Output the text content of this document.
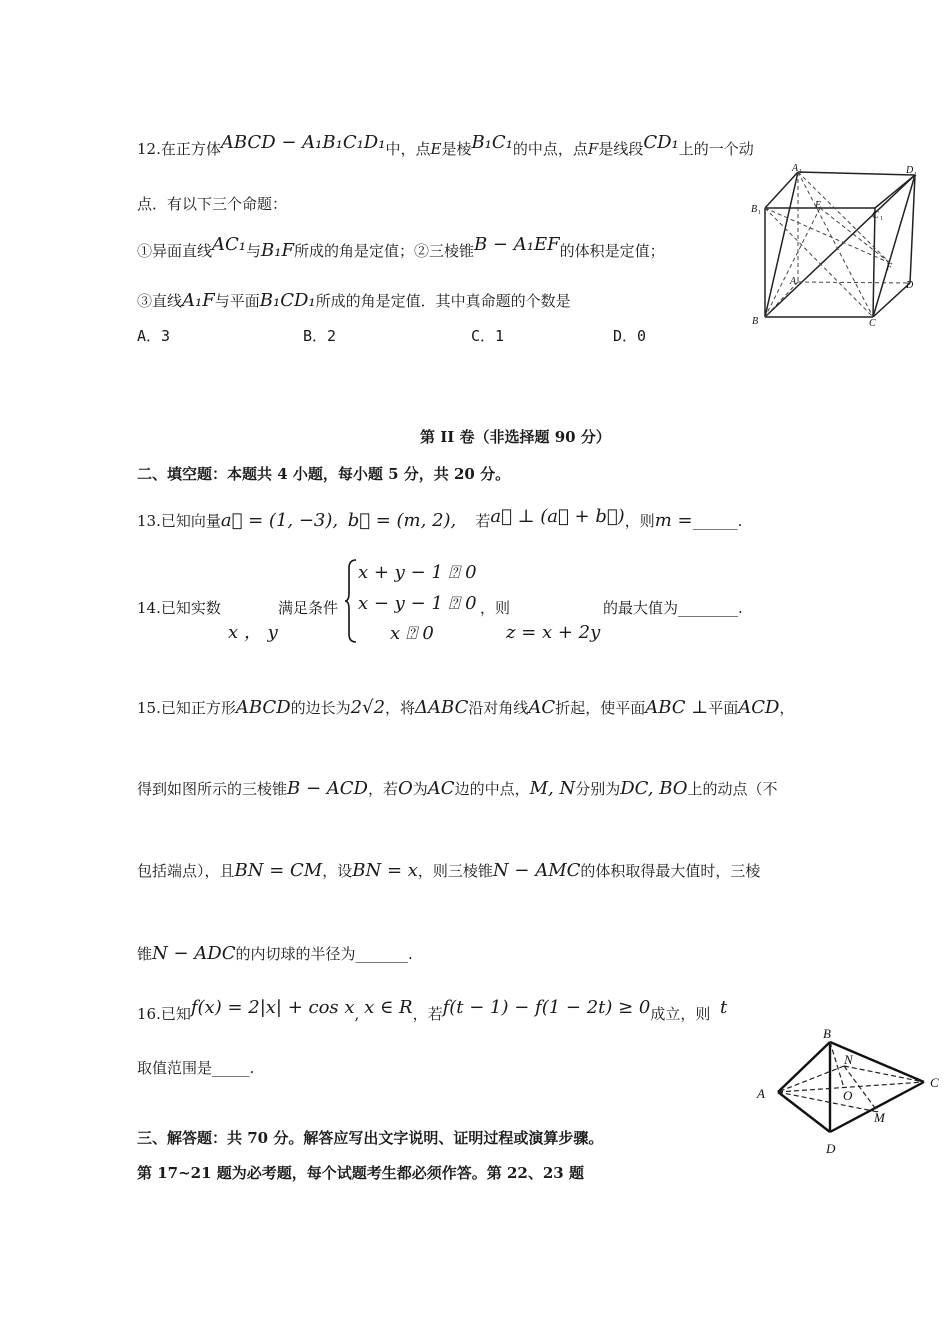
12.在正方体ABCD − A₁B₁C₁D₁中，点E是棱B₁C₁的中点，点F是线段CD₁上的一个动
点．有以下三个命题：
①异面直线AC₁与B₁F所成的角是定值；②三棱锥B − A₁EF的体积是定值；
③直线A₁F与平面B₁CD₁所成的角是定值．其中真命题的个数是
A．3	B．2	C．1	D．0
A	D
B	E
C
F
A	D
B	C
1	1
1
1
第 II 卷（非选择题 90 分）
二、填空题：本题共 4 小题，每小题 5 分，共 20 分。
13.已知向量a⃗ = (1, −3), b⃗ = (m, 2), 若a⃗ ⊥ (a⃗ + b⃗)，则m =______.
14.已知实数
x ， y
满足条件
x + y − 1 ⍰ 0
x − y − 1 ⍰ 0
x ⍰ 0
，则
z = x + 2y
的最大值为________.
15.已知正方形ABCD的边长为2√2，将ΔABC沿对角线AC折起，使平面ABC ⊥平面ACD，
得到如图所示的三棱锥B − ACD，若O为AC边的中点，M, N分别为DC, BO上的动点（不
包括端点），且BN = CM，设BN = x，则三棱锥N − AMC的体积取得最大值时，三棱
锥N − ADC的内切球的半径为_______.
16.已知f(x) = 2|x| + cos x, x ∈ R，若f(t − 1) − f(1 − 2t) ≥ 0成立，则 t
取值范围是_____.
B
N
A	O
C
M
D
三、解答题：共 70 分。解答应写出文字说明、证明过程或演算步骤。
第 17~21 题为必考题，每个试题考生都必须作答。第 22、23 题
